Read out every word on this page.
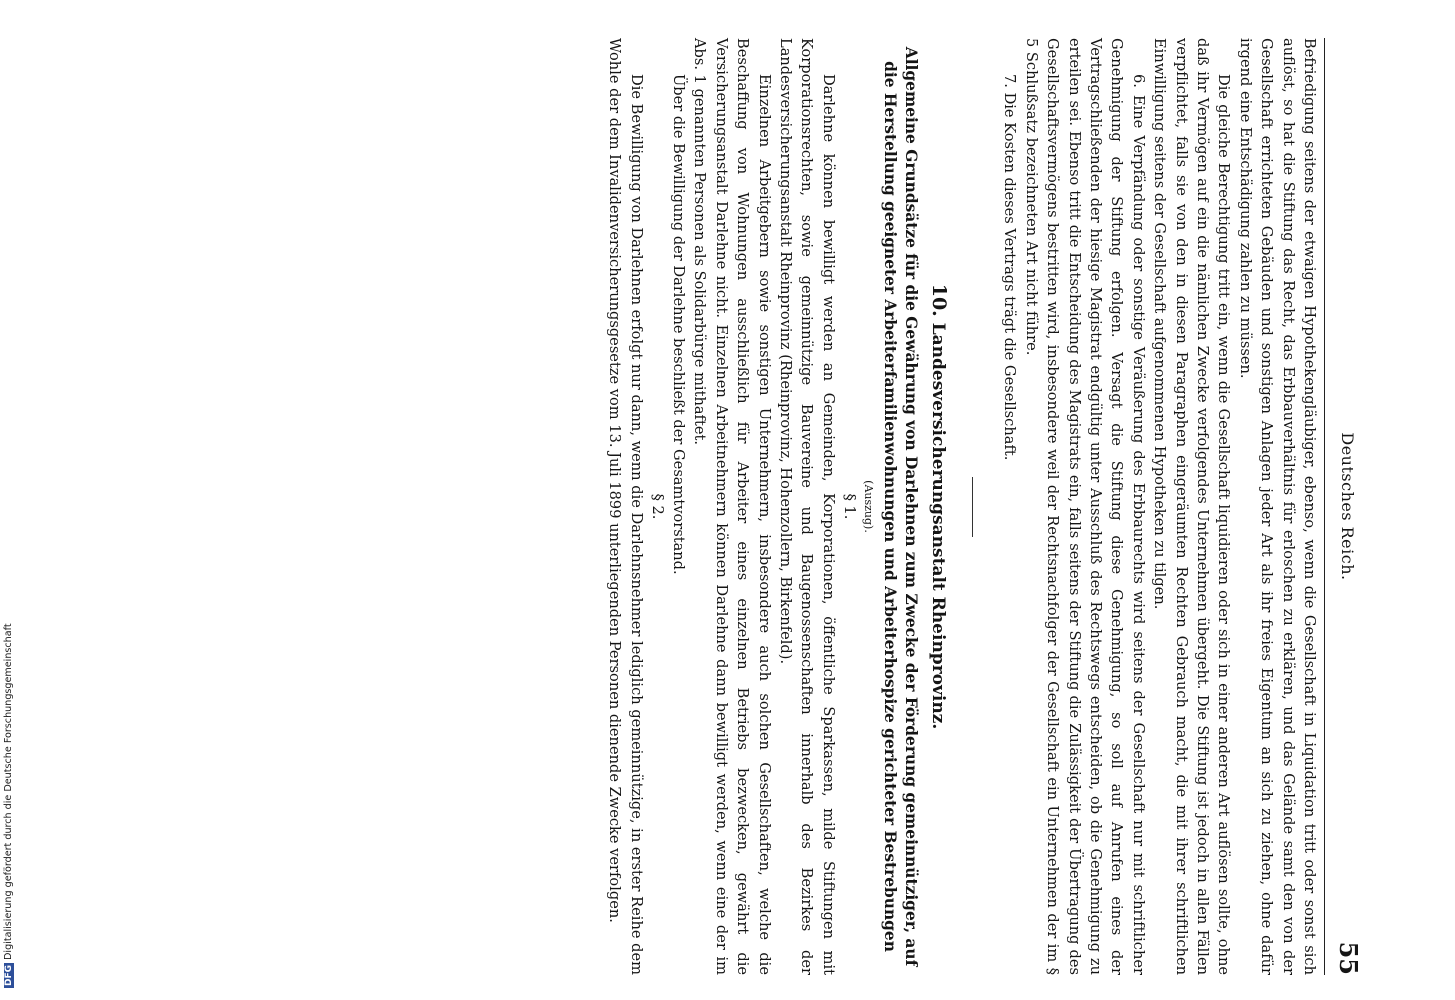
DFGDigitalisierung gefördert durch die Deutsche Forschungsgemeinschaft
Deutsches Reich.
55

Befriedigung seitens der etwaigen Hypothekengläubiger, ebenso, wenn die Gesellschaft in Liquidation tritt oder sonst sich auflöst, so hat die Stiftung das Recht, das Erbbauverhältnis für erloschen zu erklären, und das Gelände samt den von der Gesellschaft errichteten Gebäuden und sonstigen Anlagen jeder Art als ihr freies Eigentum an sich zu ziehen, ohne dafür irgend eine Entschädigung zahlen zu müssen.

Die gleiche Berechtigung tritt ein, wenn die Gesellschaft liquidieren oder sich in einer anderen Art auflösen sollte, ohne daß ihr Vermögen auf ein die nämlichen Zwecke verfolgendes Unternehmen übergeht. Die Stiftung ist jedoch in allen Fällen verpflichtet, falls sie von den in diesen Paragraphen eingeräumten Rechten Gebrauch macht, die mit ihrer schriftlichen Einwilligung seitens der Gesellschaft aufgenommenen Hypotheken zu tilgen.

6. Eine Verpfändung oder sonstige Veräußerung des Erbbaurechts wird seitens der Gesellschaft nur mit schriftlicher Genehmigung der Stiftung erfolgen. Versagt die Stiftung diese Genehmigung, so soll auf Anrufen eines der Vertragschließenden der hiesige Magistrat endgültig unter Ausschluß des Rechtswegs entscheiden, ob die Genehmigung zu erteilen sei. Ebenso tritt die Entscheidung des Magistrats ein, falls seitens der Stiftung die Zulässigkeit der Übertragung des Gesellschaftsvermögens bestritten wird, insbesondere weil der Rechtsnachfolger der Gesellschaft ein Unternehmen der im § 5 Schlußsatz bezeichneten Art nicht führe.

7. Die Kosten dieses Vertrags trägt die Gesellschaft.

10. Landesversicherungsanstalt Rheinprovinz.

Allgemeine Grundsätze für die Gewährung von Darlehnen zum Zwecke der Förderung gemeinnütziger, auf die Herstellung geeigneter Arbeiterfamilienwohnungen und Arbeiterhospize gerichteter Bestrebungen

(Auszug).

§ 1.

Darlehne können bewilligt werden an Gemeinden, Korporationen, öffentliche Sparkassen, milde Stiftungen mit Korporationsrechten, sowie gemeinnützige Bauvereine und Baugenossenschaften innerhalb des Bezirkes der Landesversicherungsanstalt Rheinprovinz (Rheinprovinz, Hohenzollern, Birkenfeld).

Einzelnen Arbeitgebern sowie sonstigen Unternehmern, insbesondere auch solchen Gesellschaften, welche die Beschaffung von Wohnungen ausschließlich für Arbeiter eines einzelnen Betriebs bezwecken, gewährt die Versicherungsanstalt Darlehne nicht. Einzelnen Arbeitnehmern können Darlehne dann bewilligt werden, wenn eine der im Abs. 1 genannten Personen als Solidarbürge mithaftet.

Über die Bewilligung der Darlehne beschließt der Gesamtvorstand.

§ 2.

Die Bewilligung von Darlehnen erfolgt nur dann, wenn die Darlehnsnehmer lediglich gemeinnützige, in erster Reihe dem Wohle der dem Invalidenversicherungsgesetze vom 13. Juli 1899 unterliegenden Personen dienende Zwecke verfolgen.
